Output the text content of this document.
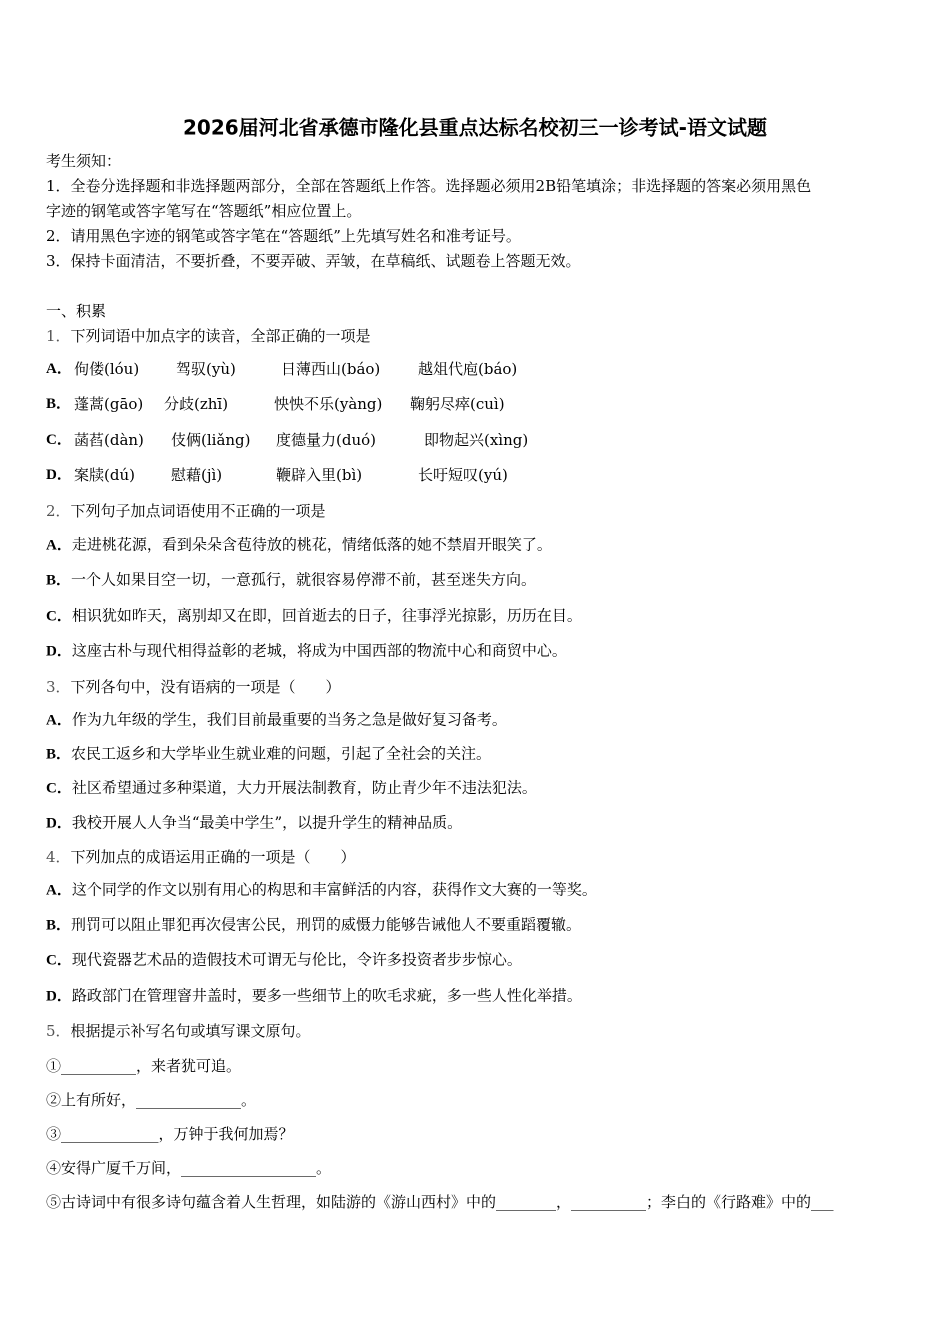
2026届河北省承德市隆化县重点达标名校初三一诊考试-语文试题
考生须知：
1．全卷分选择题和非选择题两部分，全部在答题纸上作答。选择题必须用2B铅笔填涂；非选择题的答案必须用黑色
字迹的钢笔或答字笔写在“答题纸”相应位置上。
2．请用黑色字迹的钢笔或答字笔在“答题纸”上先填写姓名和准考证号。
3．保持卡面清洁，不要折叠，不要弄破、弄皱，在草稿纸、试题卷上答题无效。
一、积累
1．下列词语中加点字的读音，全部正确的一项是
A． 佝偻(lóu) 驾驭(yù)	日薄西山(báo)	越俎代庖(báo)
B． 蓬蒿(gāo) 分歧(zhī)	怏怏不乐(yàng) 鞠躬尽瘁(cuì)
C． 菡萏(dàn) 伎俩(liǎng) 度德量力(duó)	即物起兴(xìng)
D． 案牍(dú) 慰藉(jì)	鞭辟入里(bì)	长吁短叹(yú)
2．下列句子加点词语使用不正确的一项是
A．走进桃花源，看到朵朵含苞待放的桃花，情绪低落的她不禁眉开眼笑了。
B．一个人如果目空一切，一意孤行，就很容易停滞不前，甚至迷失方向。
C．相识犹如昨天，离别却又在即，回首逝去的日子，往事浮光掠影，历历在目。
D．这座古朴与现代相得益彰的老城，将成为中国西部的物流中心和商贸中心。
3．下列各句中，没有语病的一项是（　　）
A．作为九年级的学生，我们目前最重要的当务之急是做好复习备考。
B．农民工返乡和大学毕业生就业难的问题，引起了全社会的关注。
C．社区希望通过多种渠道，大力开展法制教育，防止青少年不违法犯法。
D．我校开展人人争当“最美中学生”，以提升学生的精神品质。
4．下列加点的成语运用正确的一项是（　　）
A．这个同学的作文以别有用心的构思和丰富鲜活的内容，获得作文大赛的一等奖。
B．刑罚可以阻止罪犯再次侵害公民，刑罚的威慑力能够告诫他人不要重蹈覆辙。
C．现代瓷器艺术品的造假技术可谓无与伦比，令许多投资者步步惊心。
D．路政部门在管理窨井盖时，要多一些细节上的吹毛求疵，多一些人性化举措。
5．根据提示补写名句或填写课文原句。
①__________，来者犹可追。
②上有所好，______________。
③_____________，万钟于我何加焉？
④安得广厦千万间，__________________。
⑤古诗词中有很多诗句蕴含着人生哲理，如陆游的《游山西村》中的________，__________；李白的《行路难》中的___
